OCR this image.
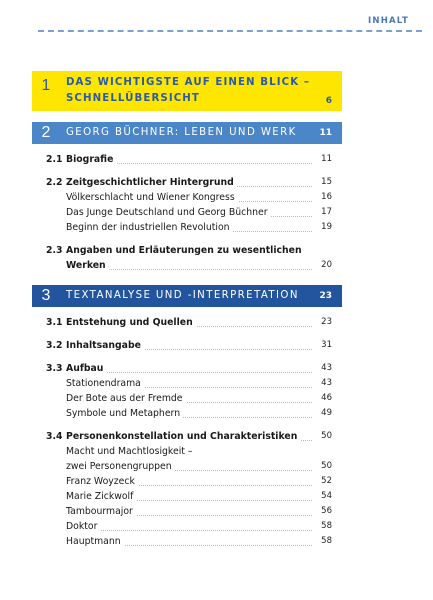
INHALT
1	DAS WICHTIGSTE AUF EINEN BLICK –
SCHNELLÜBERSICHT	6
2	GEORG BÜCHNER: LEBEN UND WERK	11
2.1 Biografie	11
2.2 Zeitgeschichtlicher Hintergrund	15
Völkerschlacht und Wiener Kongress	16
Das Junge Deutschland und Georg Büchner	17
Beginn der industriellen Revolution	19
2.3 Angaben und Erläuterungen zu wesentlichen
Werken	20
3	TEXTANALYSE UND -INTERPRETATION 23
3.1 Entstehung und Quellen	23
3.2 Inhaltsangabe	31
3.3 Aufbau	43
Stationendrama	43
Der Bote aus der Fremde	46
Symbole und Metaphern	49
3.4 Personenkonstellation und Charakteristiken	50
Macht und Machtlosigkeit –
zwei Personengruppen	50
Franz Woyzeck	52
Marie Zickwolf	54
Tambourmajor	56
Doktor	58
Hauptmann	58
